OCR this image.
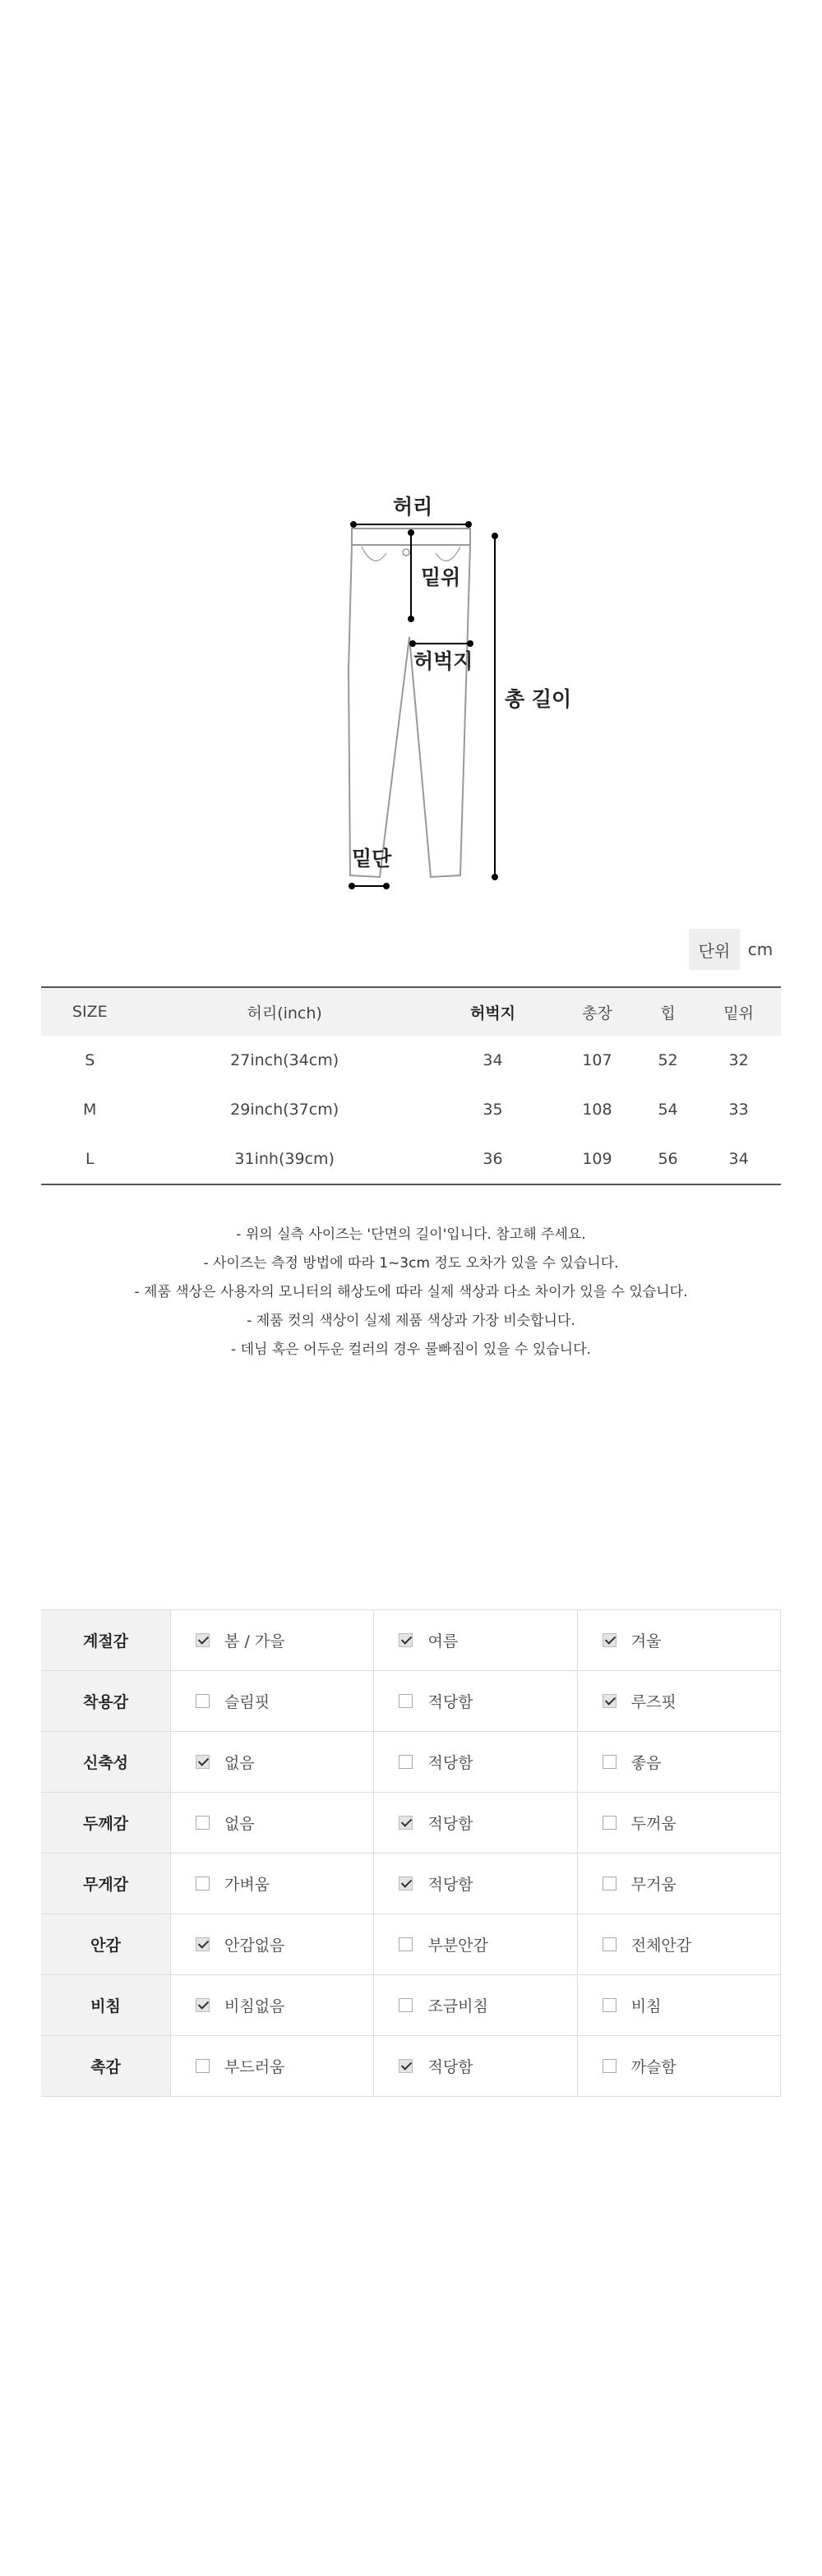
허리
밑위
허벅지
총 길이
밑단
단위	cm
SIZE	허리(inch)	허벅지	총장	힙	밑위
S	27inch(34cm)	34	107	52	32
M	29inch(37cm)	35	108	54	33
L	31inh(39cm)	36	109	56	34
- 위의 실측 사이즈는 '단면의 길이'입니다. 참고해 주세요.
- 사이즈는 측정 방법에 따라 1~3cm 정도 오차가 있을 수 있습니다.
- 제품 색상은 사용자의 모니터의 해상도에 따라 실제 색상과 다소 차이가 있을 수 있습니다.
- 제품 컷의 색상이 실제 제품 색상과 가장 비슷합니다.
- 데님 혹은 어두운 컬러의 경우 물빠짐이 있을 수 있습니다.
계절감	봄 / 가을	여름	겨울
착용감	슬림핏	적당함	루즈핏
신축성	없음	적당함	좋음
두께감	없음	적당함	두꺼움
무게감	가벼움	적당함	무거움
안감	안감없음	부분안감	전체안감
비침	비침없음	조금비침	비침
촉감	부드러움	적당함	까슬함
